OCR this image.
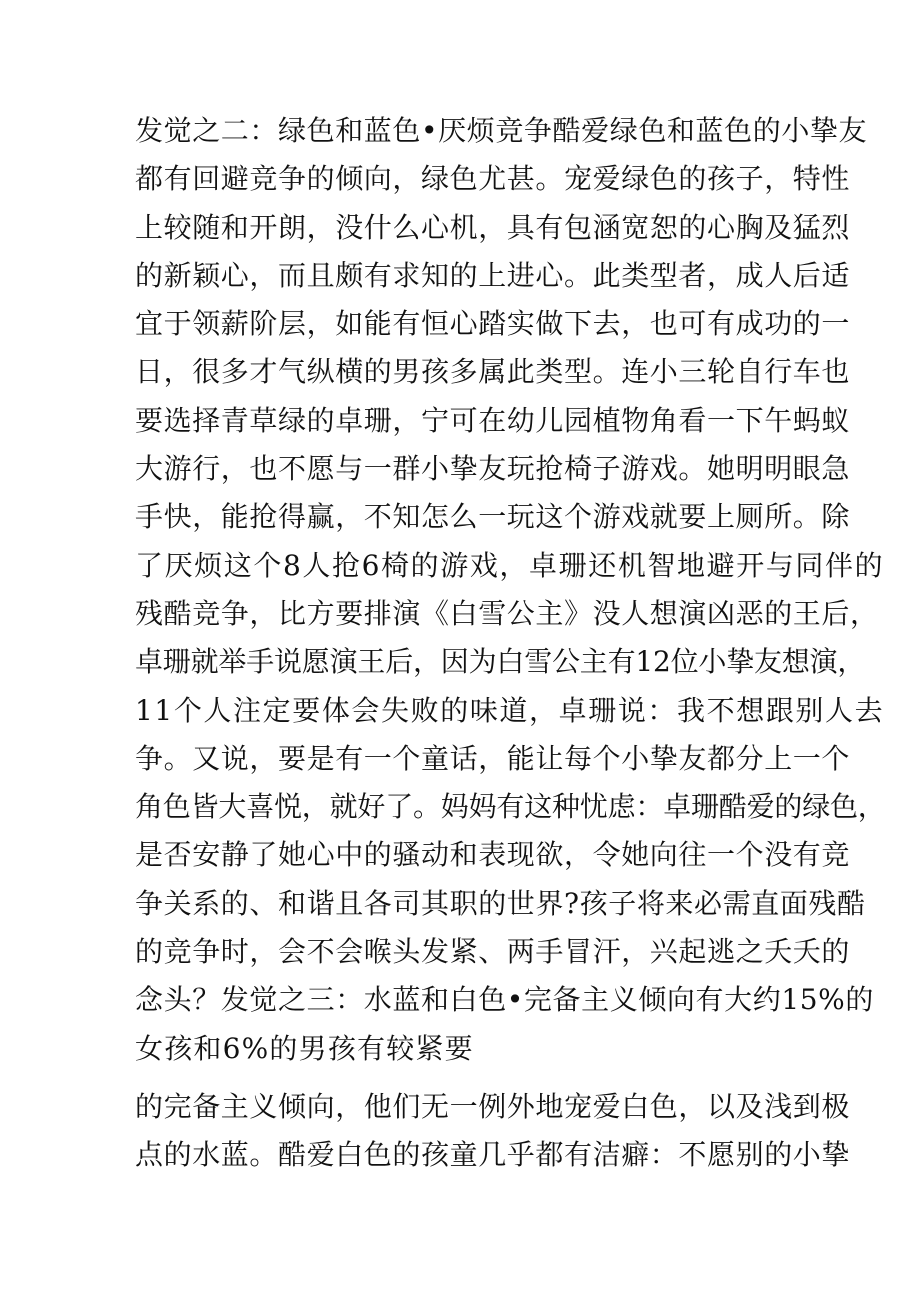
发觉之二：绿色和蓝色•厌烦竞争酷爱绿色和蓝色的小挚友
都有回避竞争的倾向，绿色尤甚。宠爱绿色的孩子，特性
上较随和开朗，没什么心机，具有包涵宽恕的心胸及猛烈
的新颖心，而且颇有求知的上进心。此类型者，成人后适
宜于领薪阶层，如能有恒心踏实做下去，也可有成功的一
日，很多才气纵横的男孩多属此类型。连小三轮自行车也
要选择青草绿的卓珊，宁可在幼儿园植物角看一下午蚂蚁
大游行，也不愿与一群小挚友玩抢椅子游戏。她明明眼急
手快，能抢得赢，不知怎么一玩这个游戏就要上厕所。除
了厌烦这个8人抢6椅的游戏，卓珊还机智地避开与同伴的
残酷竞争，比方要排演《白雪公主》没人想演凶恶的王后，
卓珊就举手说愿演王后，因为白雪公主有12位小挚友想演，
11个人注定要体会失败的味道，卓珊说：我不想跟别人去
争。又说，要是有一个童话，能让每个小挚友都分上一个
角色皆大喜悦，就好了。妈妈有这种忧虑：卓珊酷爱的绿色，
是否安静了她心中的骚动和表现欲，令她向往一个没有竞
争关系的、和谐且各司其职的世界?孩子将来必需直面残酷
的竞争时，会不会喉头发紧、两手冒汗，兴起逃之夭夭的
念头？发觉之三：水蓝和白色•完备主义倾向有大约15%的
女孩和6%的男孩有较紧要
的完备主义倾向，他们无一例外地宠爱白色，以及浅到极
点的水蓝。酷爱白色的孩童几乎都有洁癖：不愿别的小挚
